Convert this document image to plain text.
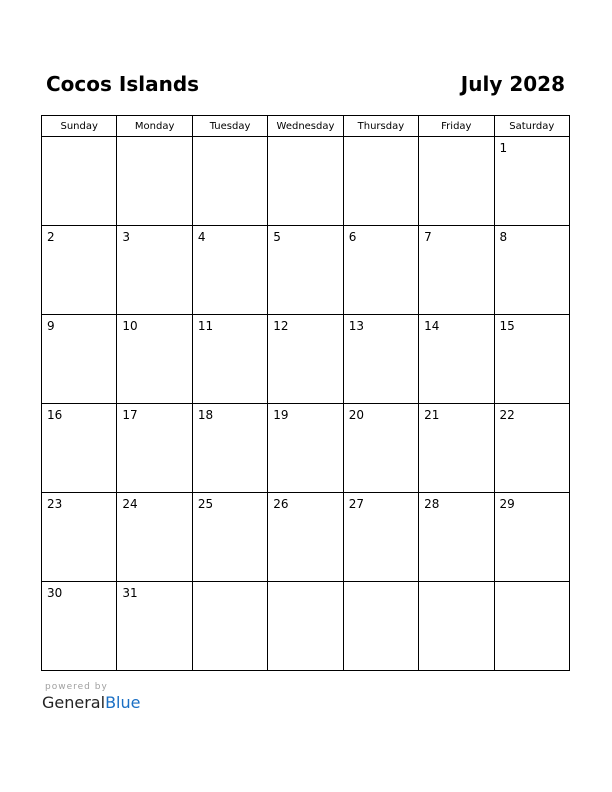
Cocos Islands	July 2028
Sunday	Monday	Tuesday	Wednesday	Thursday	Friday	Saturday

						1

2	3	4	5	6	7	8

9	10	11	12	13	14	15

16	17	18	19	20	21	22

23	24	25	26	27	28	29

30	31					

powered by
GeneralBlue
